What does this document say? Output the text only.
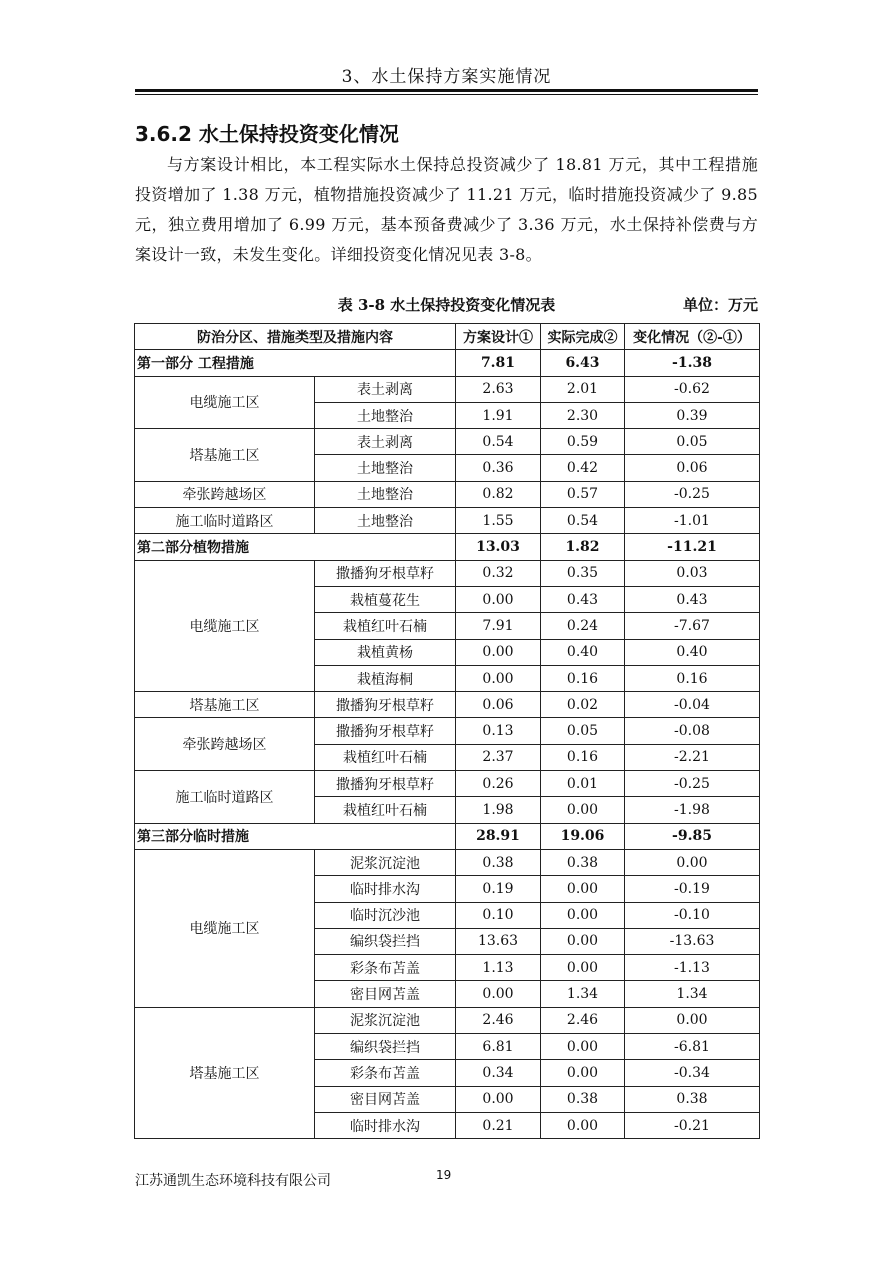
3、水土保持方案实施情况
3.6.2 水土保持投资变化情况
与方案设计相比，本工程实际水土保持总投资减少了 18.81 万元，其中工程措施投资增加了 1.38 万元，植物措施投资减少了 11.21 万元，临时措施投资减少了 9.85 元，独立费用增加了 6.99 万元，基本预备费减少了 3.36 万元，水土保持补偿费与方案设计一致，未发生变化。详细投资变化情况见表 3-8。
表 3-8 水土保持投资变化情况表	单位：万元
防治分区、措施类型及措施内容		方案设计①	实际完成②	变化情况（②-①）
第一部分 工程措施		7.81	6.43	-1.38
电缆施工区	表土剥离	2.63	2.01	-0.62
	土地整治	1.91	2.30	0.39
塔基施工区	表土剥离	0.54	0.59	0.05
	土地整治	0.36	0.42	0.06
牵张跨越场区	土地整治	0.82	0.57	-0.25
施工临时道路区	土地整治	1.55	0.54	-1.01
第二部分植物措施		13.03	1.82	-11.21
电缆施工区	撒播狗牙根草籽	0.32	0.35	0.03
	栽植蔓花生	0.00	0.43	0.43
	栽植红叶石楠	7.91	0.24	-7.67
	栽植黄杨	0.00	0.40	0.40
	栽植海桐	0.00	0.16	0.16
塔基施工区	撒播狗牙根草籽	0.06	0.02	-0.04
牵张跨越场区	撒播狗牙根草籽	0.13	0.05	-0.08
	栽植红叶石楠	2.37	0.16	-2.21
施工临时道路区	撒播狗牙根草籽	0.26	0.01	-0.25
	栽植红叶石楠	1.98	0.00	-1.98
第三部分临时措施		28.91	19.06	-9.85
电缆施工区	泥浆沉淀池	0.38	0.38	0.00
	临时排水沟	0.19	0.00	-0.19
	临时沉沙池	0.10	0.00	-0.10
	编织袋拦挡	13.63	0.00	-13.63
	彩条布苫盖	1.13	0.00	-1.13
	密目网苫盖	0.00	1.34	1.34
塔基施工区	泥浆沉淀池	2.46	2.46	0.00
	编织袋拦挡	6.81	0.00	-6.81
	彩条布苫盖	0.34	0.00	-0.34
	密目网苫盖	0.00	0.38	0.38
	临时排水沟	0.21	0.00	-0.21
江苏通凯生态环境科技有限公司	19
